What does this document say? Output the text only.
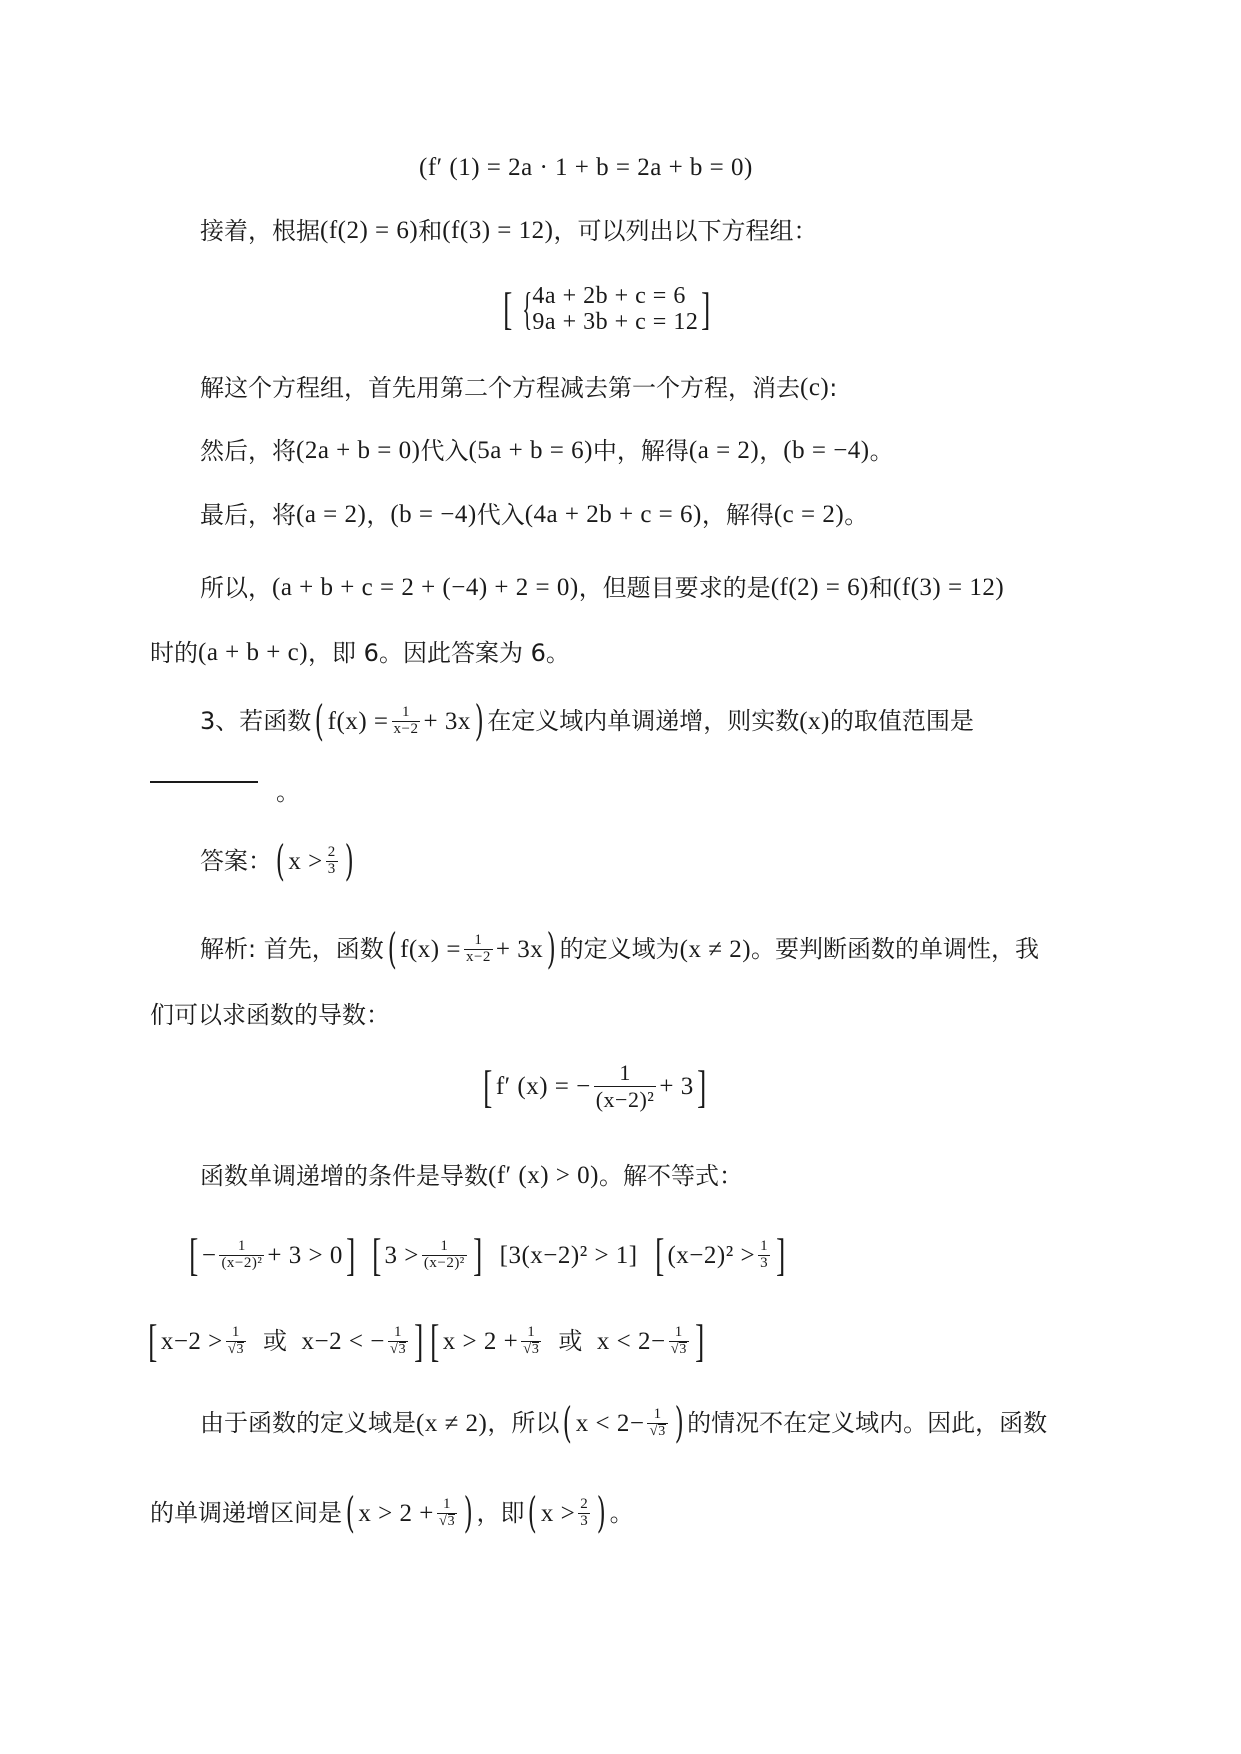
(f′ (1) = 2a · 1 + b = 2a + b = 0)
接着，根据 (f(2) = 6) 和 (f(3) = 12) ，可以列出以下方程组：
[ { 4a + 2b + c = 6
9a + 3b + c = 12 ]
解这个方程组，首先用第二个方程减去第一个方程，消去 (c) :
然后，将 (2a + b = 0) 代入 (5a + b = 6) 中，解得 (a = 2) ， (b = −4) 。
最后，将 (a = 2) ， (b = −4) 代入 (4a + 2b + c = 6) ，解得 (c = 2) 。
所以， (a + b + c = 2 + (−4) + 2 = 0) ，但题目要求的是 (f(2) = 6) 和 (f(3) = 12)
时的 (a + b + c) ，即 6。因此答案为 6。
3、若函数 ( $f(x) = \frac{1}{x-2} + 3x$ ) 在定义域内单调递增，则实数 (x) 的取值范围是
。
答案： ( $x > \frac{2}{3}$ )
解析: 首先，函数 ( $f(x) = \frac{1}{x-2} + 3x$ ) 的定义域为 (x ≠ 2) 。要判断函数的单调性，我
们可以求函数的导数：
[ f′ (x) = − $\frac{1}{\text{(x−2)²}} + 3$ ]
函数单调递增的条件是导数 (f′ (x) > 0) 。解不等式：
[ − $\frac{1}{\text{(x−2)²}} + 3 > 0$ ] [ $3 > \frac{1}{\text{(x−2)²}}$ ] [3(x−2)² > 1] [ $(x-2)^2 > \frac{1}{3}$ ]
[ $x-2 > \frac{1}{√ 3}$ 或 x−2 < − $\frac{1}{√ 3}$ ] [ $x > 2 + \frac{1}{√ 3}$ 或 $x < 2- \frac{1}{√ 3}$ ]
由于函数的定义域是 (x ≠ 2) ，所以 ( $x < 2- \frac{1}{√ 3}$ ) 的情况不在定义域内。因此，函数
的单调递增区间是 ( $x > 2 + \frac{1}{√ 3}$ ) ，即 ( $x > \frac{2}{3}$ ) 。
